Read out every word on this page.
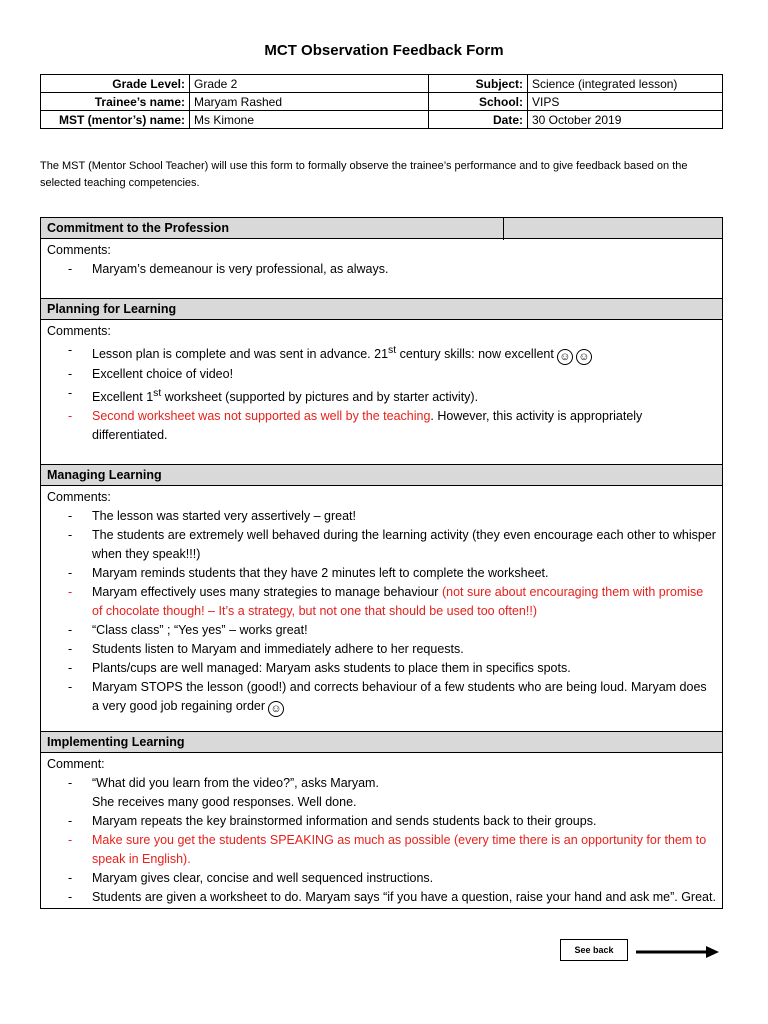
MCT Observation Feedback Form
Grade Level:	Grade 2	Subject:	Science (integrated lesson)
Trainee’s name:	Maryam Rashed	School:	VIPS
MST (mentor’s) name:	Ms Kimone	Date:	30 October 2019
The MST (Mentor School Teacher) will use this form to formally observe the trainee’s performance and to give feedback based on the selected teaching competencies.
Commitment to the Profession
Comments:
- Maryam’s demeanour is very professional, as always.
Planning for Learning
Comments:
- Lesson plan is complete and was sent in advance. 21st century skills: now excellent ☺ ☺
- Excellent choice of video!
- Excellent 1st worksheet (supported by pictures and by starter activity).
- Second worksheet was not supported as well by the teaching. However, this activity is appropriately differentiated.
Managing Learning
Comments:
- The lesson was started very assertively – great!
- The students are extremely well behaved during the learning activity (they even encourage each other to whisper when they speak!!!)
- Maryam reminds students that they have 2 minutes left to complete the worksheet.
- Maryam effectively uses many strategies to manage behaviour (not sure about encouraging them with promise of chocolate though! – It’s a strategy, but not one that should be used too often!!)
- “Class class” ; “Yes yes” – works great!
- Students listen to Maryam and immediately adhere to her requests.
- Plants/cups are well managed: Maryam asks students to place them in specifics spots.
- Maryam STOPS the lesson (good!) and corrects behaviour of a few students who are being loud. Maryam does a very good job regaining order ☺
Implementing Learning
Comment:
- “What did you learn from the video?”, asks Maryam.
She receives many good responses. Well done.
- Maryam repeats the key brainstormed information and sends students back to their groups.
- Make sure you get the students SPEAKING as much as possible (every time there is an opportunity for them to speak in English).
- Maryam gives clear, concise and well sequenced instructions.
- Students are given a worksheet to do. Maryam says “if you have a question, raise your hand and ask me”. Great.
See back
